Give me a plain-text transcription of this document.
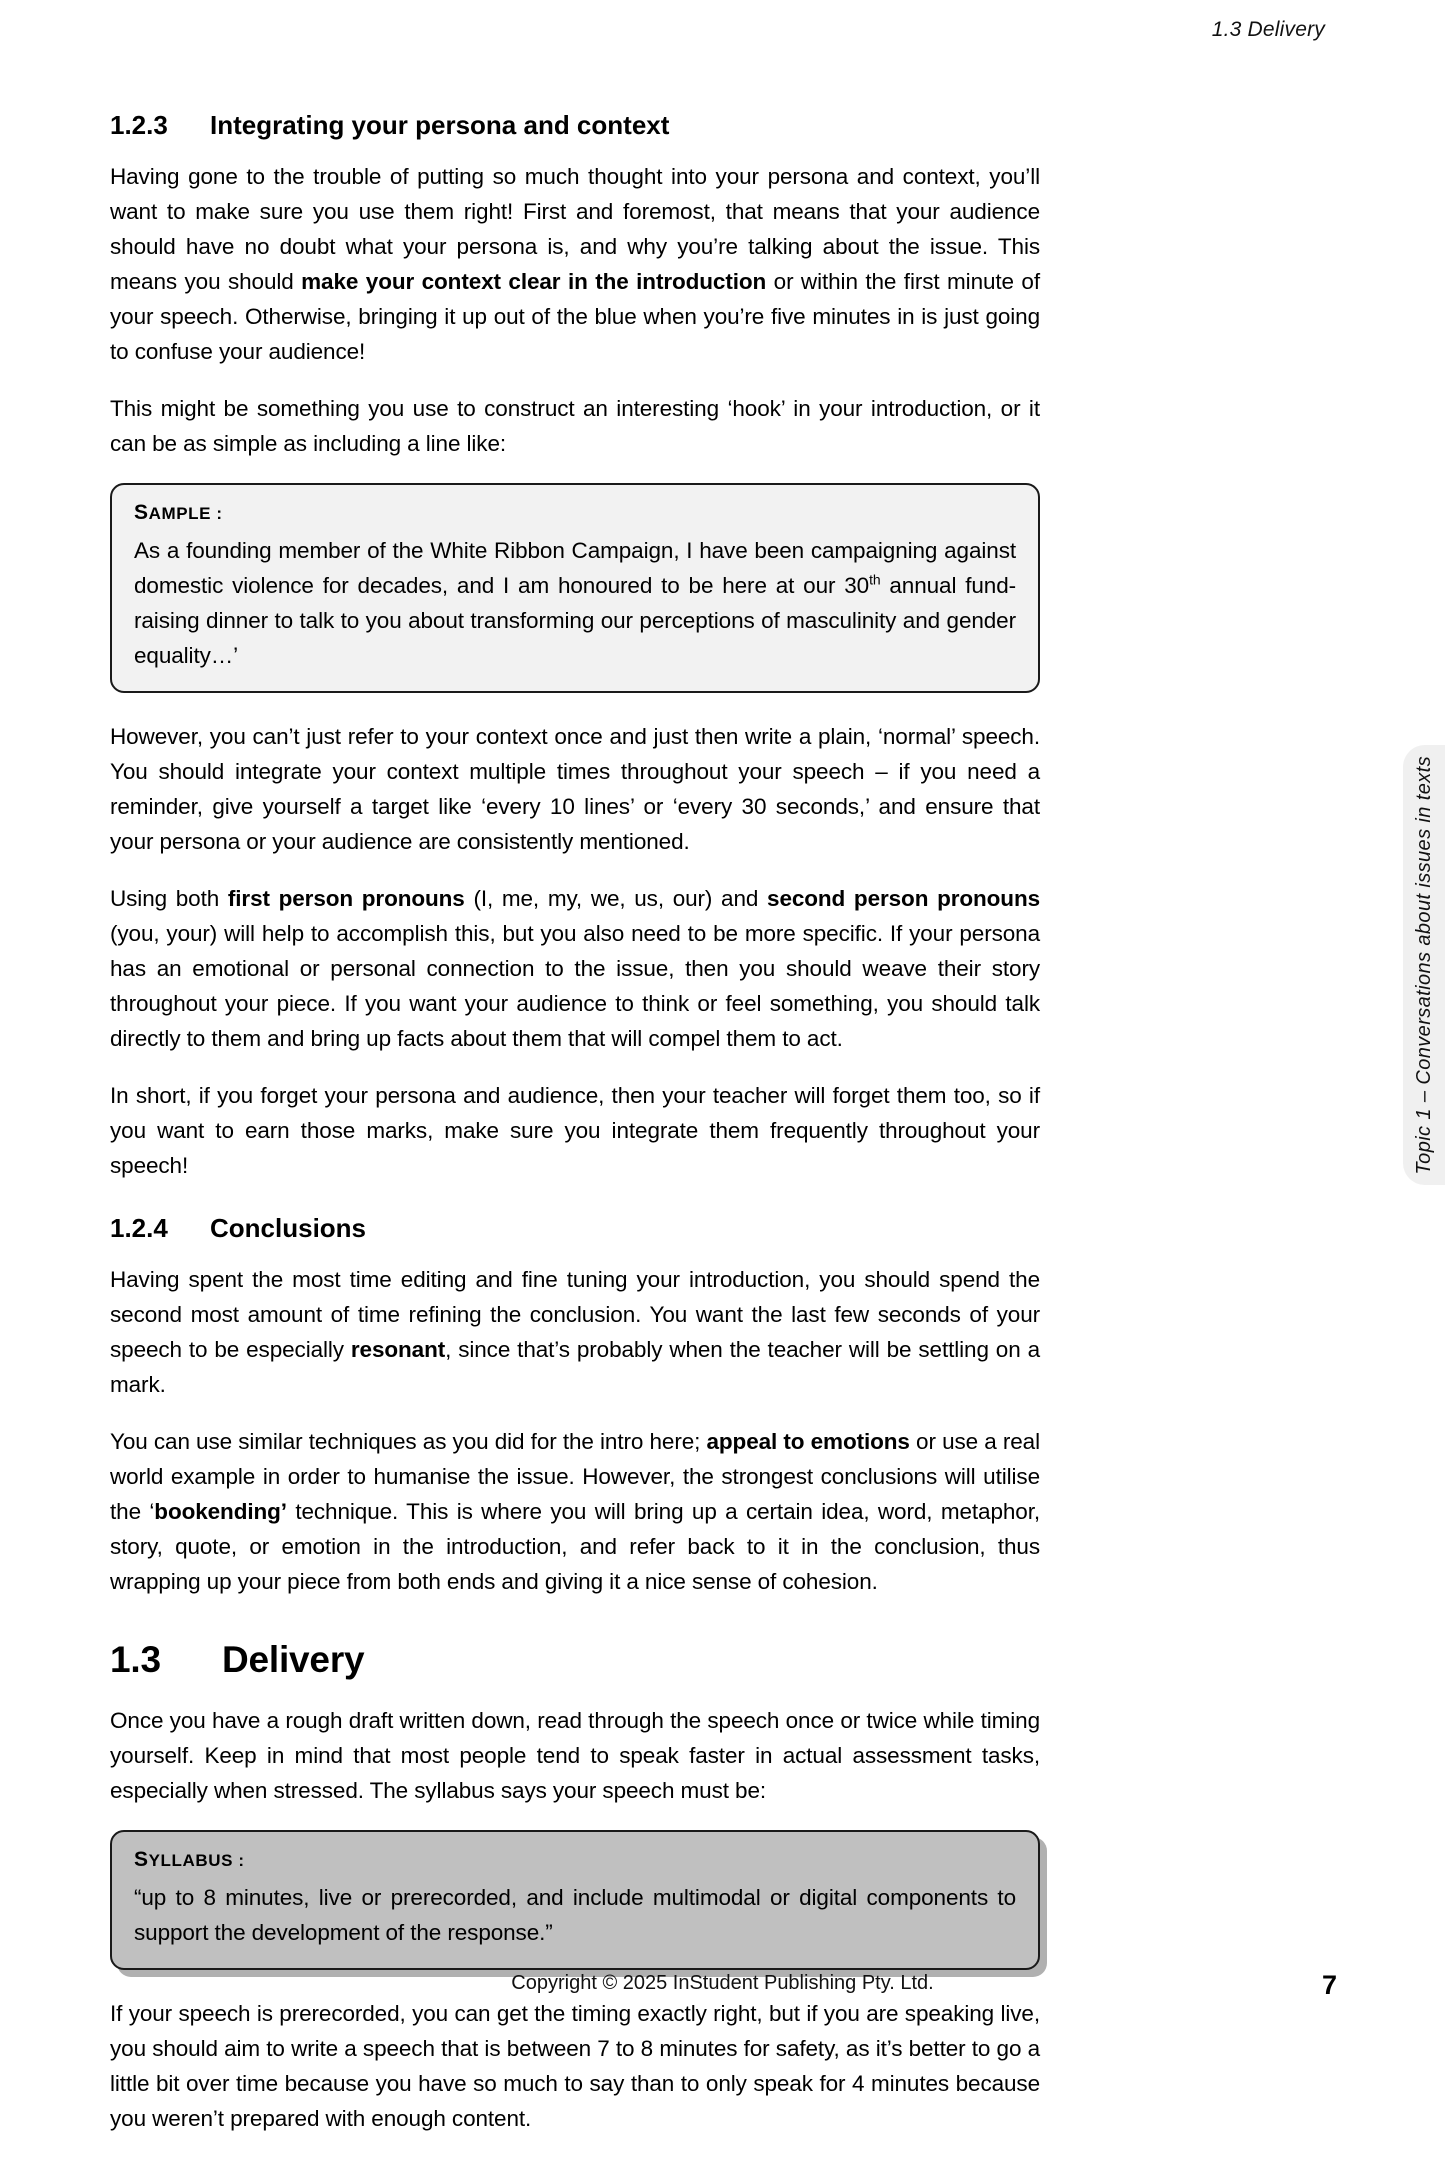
1.3 Delivery
1.2.3	Integrating your persona and context

Having gone to the trouble of putting so much thought into your persona and context, you’ll want to make sure you use them right! First and foremost, that means that your audience should have no doubt what your persona is, and why you’re talking about the issue. This means you should make your context clear in the introduction or within the first minute of your speech. Otherwise, bringing it up out of the blue when you’re five minutes in is just going to confuse your audience!

This might be something you use to construct an interesting ‘hook’ in your introduction, or it can be as simple as including a line like:

SAMPLE :
As a founding member of the White Ribbon Campaign, I have been campaigning against domestic violence for decades, and I am honoured to be here at our 30th annual fund-raising dinner to talk to you about transforming our perceptions of masculinity and gender equality…’

However, you can’t just refer to your context once and just then write a plain, ‘normal’ speech. You should integrate your context multiple times throughout your speech – if you need a reminder, give yourself a target like ‘every 10 lines’ or ‘every 30 seconds,’ and ensure that your persona or your audience are consistently mentioned.

Using both first person pronouns (I, me, my, we, us, our) and second person pronouns (you, your) will help to accomplish this, but you also need to be more specific. If your persona has an emotional or personal connection to the issue, then you should weave their story throughout your piece. If you want your audience to think or feel something, you should talk directly to them and bring up facts about them that will compel them to act.

In short, if you forget your persona and audience, then your teacher will forget them too, so if you want to earn those marks, make sure you integrate them frequently throughout your speech!

1.2.4	Conclusions

Having spent the most time editing and fine tuning your introduction, you should spend the second most amount of time refining the conclusion. You want the last few seconds of your speech to be especially resonant, since that’s probably when the teacher will be settling on a mark.

You can use similar techniques as you did for the intro here; appeal to emotions or use a real world example in order to humanise the issue. However, the strongest conclusions will utilise the ‘bookending’ technique. This is where you will bring up a certain idea, word, metaphor, story, quote, or emotion in the introduction, and refer back to it in the conclusion, thus wrapping up your piece from both ends and giving it a nice sense of cohesion.

1.3	Delivery

Once you have a rough draft written down, read through the speech once or twice while timing yourself. Keep in mind that most people tend to speak faster in actual assessment tasks, especially when stressed. The syllabus says your speech must be:

SYLLABUS :
“up to 8 minutes, live or prerecorded, and include multimodal or digital components to support the development of the response.”

If your speech is prerecorded, you can get the timing exactly right, but if you are speaking live, you should aim to write a speech that is between 7 to 8 minutes for safety, as it’s better to go a little bit over time because you have so much to say than to only speak for 4 minutes because you weren’t prepared with enough content.

Topic 1 – Conversations about issues in texts
Copyright © 2025 InStudent Publishing Pty. Ltd.	7
